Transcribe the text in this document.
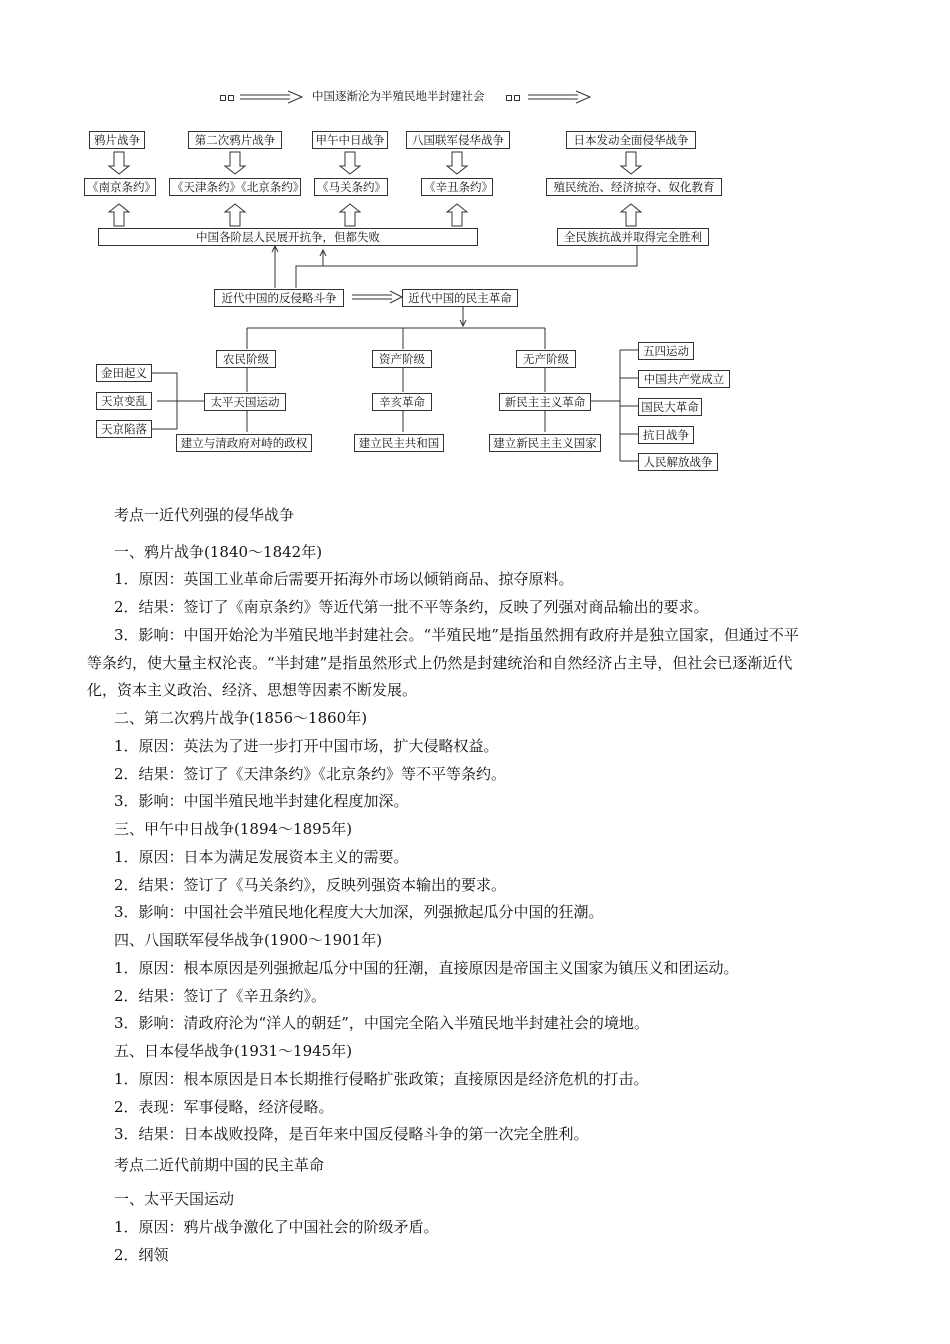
中国逐渐沦为半殖民地半封建社会
鸦片战争	第二次鸦片战争	甲午中日战争	八国联军侵华战争	日本发动全面侵华战争
《南京条约》 《天津条约》《北京条约》 《马关条约》	《辛丑条约》	殖民统治、经济掠夺、奴化教育
中国各阶层人民展开抗争，但都失败	全民族抗战并取得完全胜利
近代中国的反侵略斗争	近代中国的民主革命
农民阶级	资产阶级	无产阶级
太平天国运动	辛亥革命	新民主主义革命
建立与清政府对峙的政权	建立民主共和国	建立新民主主义国家
金田起义
天京变乱
天京陷落
五四运动
中国共产党成立
国民大革命
抗日战争
人民解放战争
考点一近代列强的侵华战争
一、鸦片战争(1840～1842年)
1．原因：英国工业革命后需要开拓海外市场以倾销商品、掠夺原料。
2．结果：签订了《南京条约》等近代第一批不平等条约，反映了列强对商品输出的要求。
3．影响：中国开始沦为半殖民地半封建社会。“半殖民地”是指虽然拥有政府并是独立国家，但通过不平
等条约，使大量主权沦丧。“半封建”是指虽然形式上仍然是封建统治和自然经济占主导，但社会已逐渐近代
化，资本主义政治、经济、思想等因素不断发展。
二、第二次鸦片战争(1856～1860年)
1．原因：英法为了进一步打开中国市场，扩大侵略权益。
2．结果：签订了《天津条约》《北京条约》等不平等条约。
3．影响：中国半殖民地半封建化程度加深。
三、甲午中日战争(1894～1895年)
1．原因：日本为满足发展资本主义的需要。
2．结果：签订了《马关条约》，反映列强资本输出的要求。
3．影响：中国社会半殖民地化程度大大加深，列强掀起瓜分中国的狂潮。
四、八国联军侵华战争(1900～1901年)
1．原因：根本原因是列强掀起瓜分中国的狂潮，直接原因是帝国主义国家为镇压义和团运动。
2．结果：签订了《辛丑条约》。
3．影响：清政府沦为“洋人的朝廷”，中国完全陷入半殖民地半封建社会的境地。
五、日本侵华战争(1931～1945年)
1．原因：根本原因是日本长期推行侵略扩张政策；直接原因是经济危机的打击。
2．表现：军事侵略，经济侵略。
3．结果：日本战败投降，是百年来中国反侵略斗争的第一次完全胜利。
考点二近代前期中国的民主革命
一、太平天国运动
1．原因：鸦片战争激化了中国社会的阶级矛盾。
2．纲领
